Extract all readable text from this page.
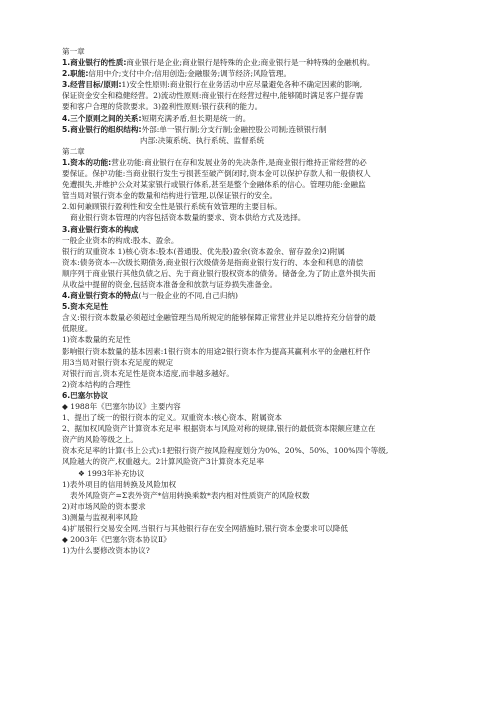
第一章
1.商业银行的性质:商业银行是企业;商业银行是特殊的企业;商业银行是一种特殊的金融机构。
2.职能:信用中介;支付中介;信用创造;金融服务;调节经济;风险管理。
3.经营目标/原则:1)安全性原则:商业银行在业务活动中应尽量避免各种不确定因素的影响,
保证资金安全和稳健经营。2)流动性原则:商业银行在经营过程中,能够随时满足客户提存需
要和客户合理的贷款要求。3)盈利性原则:银行获利的能力。
4.三个原则之间的关系:短期充满矛盾,但长期是统一的。
5.商业银行的组织结构:外部:单一银行制;分支行制;金融控股公司制;连锁银行制
内部:决策系统、执行系统、监督系统
第二章
1.资本的功能:营业功能:商业银行在存和发展业务的先决条件,是商业银行维持正常经营的必
要保证。保护功能:当商业银行发生亏损甚至破产倒闭时,资本金可以保护存款人和一般债权人
免遭损失,并维护公众对某家银行或银行体系,甚至是整个金融体系的信心。管理功能:金融监
管当局对银行资本金的数量和结构进行管理,以保证银行的安全。
2.如何兼顾银行盈利性和安全性是银行系统有效管理的主要目标。
商业银行资本管理的内容包括资本数量的要求、资本供给方式及选择。
3.商业银行资本的构成
一般企业资本的构成:股本、盈余。
银行的双重资本 1)核心资本:股本(普通股、优先股)盈余(资本盈余、留存盈余)2)附属
资本:债务资本---次级长期债务,商业银行次级债务是指商业银行发行的、本金和利息的清偿
顺序列于商业银行其他负债之后、先于商业银行股权资本的债务。储备金,为了防止意外损失而
从收益中提留的资金,包括资本准备金和放款与证券损失准备金。
4.商业银行资本的特点(与一般企业的不同,自己归纳)
5.资本充足性
含义:银行资本数量必须超过金融管理当局所规定的能够保障正常营业并足以维持充分信誉的最
低限度。
1)资本数量的充足性
影响银行资本数量的基本因素:1银行资本的用途2银行资本作为提高其赢利水平的金融杠杆作
用3当局对银行资本充足度的规定
对银行而言,资本充足性是资本适度,而非越多越好。
2)资本结构的合理性
6.巴塞尔协议
◆ 1988年《巴塞尔协议》主要内容
1、提出了统一的银行资本的定义。双重资本:核心资本、附属资本
2、据加权风险资产计算资本充足率 根据资本与风险对称的规律,银行的最低资本限额应建立在
资产的风险等级之上。
资本充足率的计算(书上公式):1把银行资产按风险程度划分为0%、20%、50%、100%四个等级,
风险越大的资产,权重越大。2计算风险资产3计算资本充足率
❖ 1993年补充协议
1)表外项目的信用转换及风险加权
表外风险资产=Σ表外资产*信用转换乘数*表内相对性质资产的风险权数
2)对市场风险的资本要求
3)测量与监视利率风险
4)扩展银行交易安全网,当银行与其他银行存在安全网措施时,银行资本金要求可以降低
◆ 2003年《巴塞尔资本协议Ⅱ》
1)为什么要修改资本协议?
